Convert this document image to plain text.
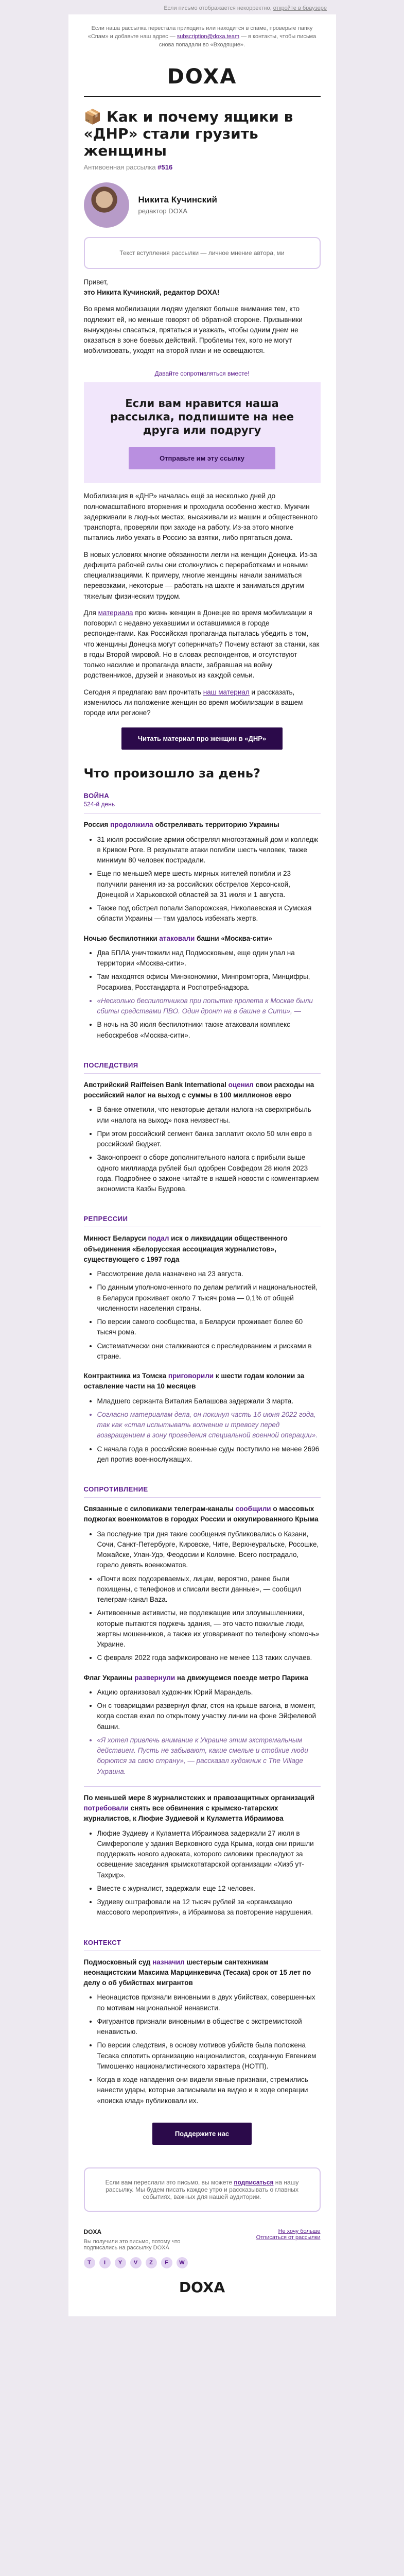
Если письмо отображается некорректно, откройте в браузере
Если наша рассылка перестала приходить или находится в спаме, проверьте папку «Спам» и добавьте наш адрес — subscription@doxa.team — в контакты, чтобы письма снова попадали во «Входящие».
DOXA
📦 Как и почему ящики в «ДНР» стали грузить женщины
Антивоенная рассылка #516
Никита Кучинский
редактор DOXA
Текст вступления рассылки — личное мнение автора, ми

Привет,
это Никита Кучинский, редактор DOXA!

Во время мобилизации людям уделяют больше внимания тем, кто подлежит ей, но меньше говорят об обратной стороне. Призывники вынуждены спасаться, прятаться и уезжать, чтобы одним днем не оказаться в зоне боевых действий. Проблемы тех, кого не могут мобилизовать, уходят на второй план и не освещаются.

Давайте сопротивляться вместе!
Если вам нравится наша рассылка, подпишите на нее друга или подругу
Отправьте им эту ссылку

Мобилизация в «ДНР» началась ещё за несколько дней до полномасштабного вторжения и проходила особенно жестко. Мужчин задерживали в людных местах, высаживали из машин и общественного транспорта, проверяли при заходе на работу. Из-за этого многие пытались либо уехать в Россию за взятки, либо прятаться дома.

В новых условиях многие обязанности легли на женщин Донецка. Из-за дефицита рабочей силы они столкнулись с переработками и новыми специализациями. К примеру, многие женщины начали заниматься перевозками, некоторые — работать на шахте и заниматься другим тяжелым физическим трудом.

Для материала про жизнь женщин в Донецке во время мобилизации я поговорил с недавно уехавшими и оставшимися в городе респондентами. Как Российская пропаганда пыталась убедить в том, что женщины Донецка могут соперничать? Почему встают за станки, как в годы Второй мировой. Но в словах респондентов, и отсутствуют только насилие и пропаганда власти, забравшая на войну родственников, друзей и знакомых из каждой семьи.

Сегодня я предлагаю вам прочитать наш материал и рассказать, изменилось ли положение женщин во время мобилизации в вашем городе или регионе?

Читать материал про женщин в «ДНР»
Что произошло за день?
ВОЙНА
524-й день
Россия продолжила обстреливать территорию Украины
• 31 июля российские армии обстрелял многоэтажный дом и колледж в Кривом Роге. В результате атаки погибли шесть человек, также минимум 80 человек пострадали.
• Еще по меньшей мере шесть мирных жителей погибли и 23 получили ранения из-за российских обстрелов Херсонской, Донецкой и Харьковской областей за 31 июля и 1 августа.
• Также под обстрел попали Запорожская, Николаевская и Сумская области Украины — там удалось избежать жертв.
Ночью беспилотники атаковали башни «Москва-сити»
• Два БПЛА уничтожили над Подмосковьем, еще один упал на территории «Москва-сити».
• Там находятся офисы Минэкономики, Минпромторга, Минцифры, Росархива, Росстандарта и Роспотребнадзора.
• «Несколько беспилотников при попытке пролета к Москве были сбиты средствами ПВО. Один дронт на в башне в Сити», —
• В ночь на 30 июля беспилотники также атаковали комплекс небоскребов «Москва-сити».
ПОСЛЕДСТВИЯ
Австрийский Raiffeisen Bank International оценил свои расходы на российский налог на выход с суммы в 100 миллионов евро
• В банке отметили, что некоторые детали налога на сверхприбыль или «налога на выход» пока неизвестны.
• При этом российский сегмент банка заплатит около 50 млн евро в российский бюджет.
• Законопроект о сборе дополнительного налога с прибыли выше одного миллиарда рублей был одобрен Совфедом 28 июля 2023 года. Подробнее о законе читайте в нашей новости с комментарием экономиста Казбы Будрова.
РЕПРЕССИИ
Минюст Беларуси подал иск о ликвидации общественного объединения «Белорусская ассоциация журналистов», существующего с 1997 года
• Рассмотрение дела назначено на 23 августа.
• По данным уполномоченного по делам религий и национальностей, в Беларуси проживает около 7 тысяч рома — 0,1% от общей численности населения страны.
• По версии самого сообщества, в Беларуси проживает более 60 тысяч рома.
• Систематически они сталкиваются с преследованием и рисками в стране.
Контрактника из Томска приговорили к шести годам колонии за оставление части на 10 месяцев
• Младшего сержанта Виталия Балашова задержали 3 марта.
• Согласно материалам дела, он покинул часть 16 июня 2022 года, так как «стал испытывать волнение и тревогу перед возвращением в зону проведения специальной военной операции».
• С начала года в российские военные суды поступило не менее 2696 дел против военнослужащих.
СОПРОТИВЛЕНИЕ
Связанные с силовиками телеграм-каналы сообщили о массовых поджогах военкоматов в городах России и оккупированного Крыма
• За последние три дня такие сообщения публиковались о Казани, Сочи, Санкт-Петербурге, Кировске, Чите, Верхнеуральске, Росошке, Можайске, Улан-Удэ, Феодосии и Коломне. Всего пострадало, горело девять военкоматов.
• «Почти всех подозреваемых, лицам, вероятно, ранее были похищены, с телефонов и списали вести данные», — сообщил телеграм-канал Baza.
• Антивоенные активисты, не подлежащие или злоумышленники, которые пытаются поджечь здания, — это часто пожилые люди, жертвы мошенников, а также их уговаривают по телефону «помочь» Украине.
• С февраля 2022 года зафиксировано не менее 113 таких случаев.
Флаг Украины развернули на движущемся поезде метро Парижа
• Акцию организовал художник Юрий Марандель.
• Он с товарищами развернул флаг, стоя на крыше вагона, в момент, когда состав ехал по открытому участку линии на фоне Эйфелевой башни.
• «Я хотел привлечь внимание к Украине этим экстремальным действием. Пусть не забывают, какие смелые и стойкие люди борются за свою страну», — рассказал художник c The Village Украина.
По меньшей мере 8 журналистских и правозащитных организаций потребовали снять все обвинения с крымско-татарских журналистов, к Люфие Зудиевой и Куламетта Ибраимова
• Люфие Зудиеву и Куламетта Ибраимова задержали 27 июля в Симферополе у здания Верховного суда Крыма, когда они пришли поддержать нового адвоката, которого силовики преследуют за освещение заседания крымскотатарской организации «Хизб ут-Тахрир».
• Вместе с журналист, задержали еще 12 человек.
• Зудиеву оштрафовали на 12 тысяч рублей за «организацию массового мероприятия», а Ибраимова за повторение нарушения.
КОНТЕКСТ
Подмосковный суд назначил шестерым сантехникам неонацистским Максима Марцинкевича (Тесака) срок от 15 лет по делу о об убийствах мигрантов
• Неонацистов признали виновными в двух убийствах, совершенных по мотивам национальной ненависти.
• Фигурантов признали виновными в обществе с экстремистской ненавистью.
• По версии следствия, в основу мотивов убийств была положена Тесака сплотить организацию националистов, созданную Евгением Тимошенко националистического характера (НОТП).
• Когда в ходе нападения они видели явные признаки, стремились нанести удары, которые записывали на видео и в ходе операции «поиска клад» публиковали их.
Поддержите нас
Если вам переслали это письмо, вы можете подписаться на нашу рассылку. Мы будем писать каждое утро и рассказывать о главных событиях, важных для нашей аудитории.
DOXA
Вы получили это письмо, потому что подписались на рассылку DOXA
Не хочу больше
Отписаться от рассылки
T	I	Y	V	Z	F	W
DOXA
